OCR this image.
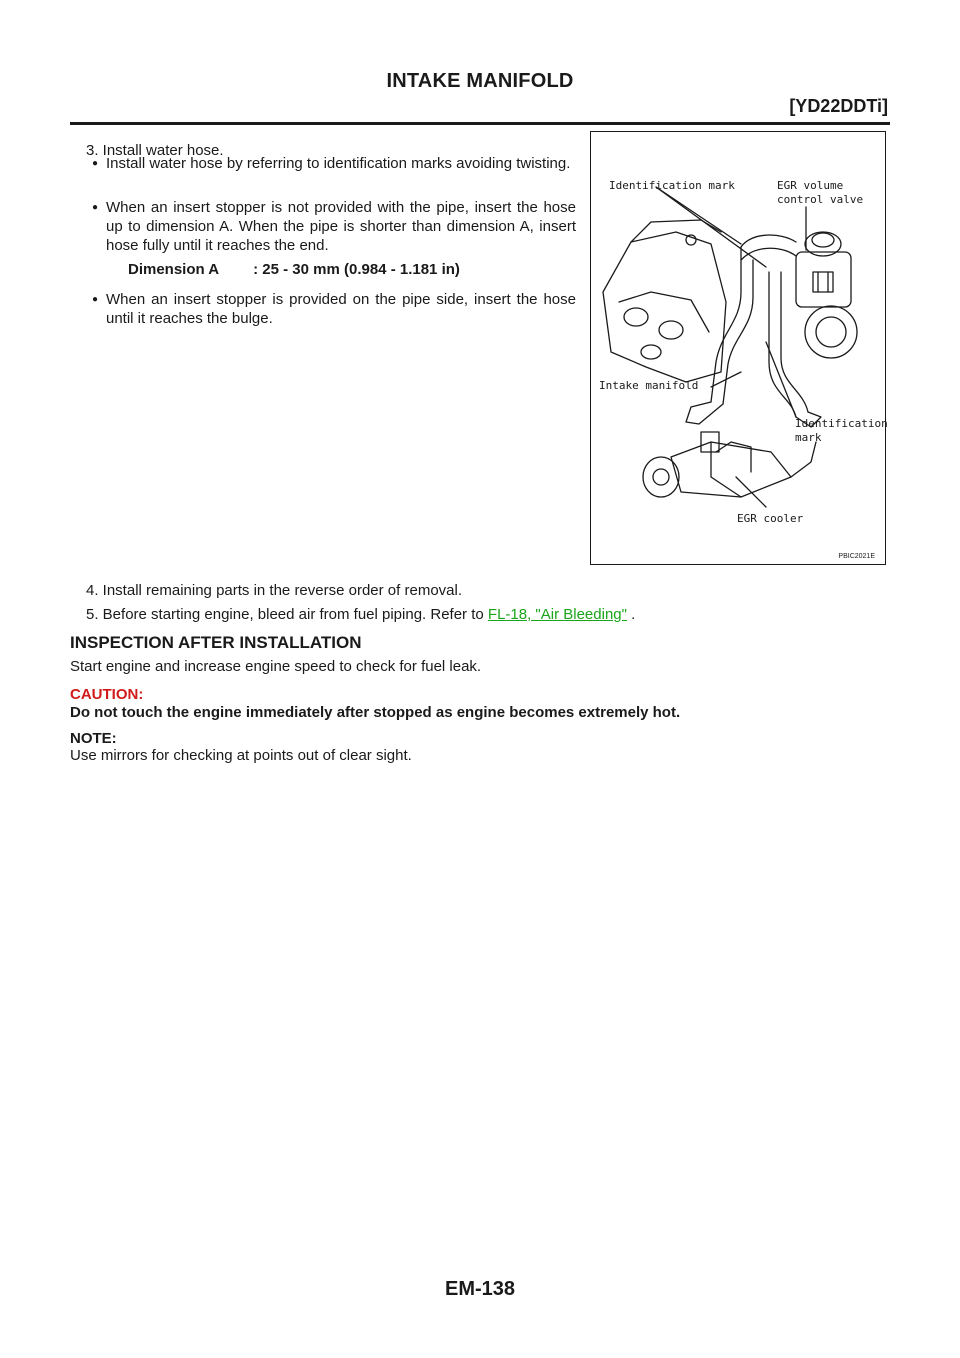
INTAKE MANIFOLD
[YD22DDTi]
3. Install water hose.
● Install water hose by referring to identification marks avoiding twisting.
● When an insert stopper is not provided with the pipe, insert the hose up to dimension A. When the pipe is shorter than dimension A, insert hose fully until it reaches the end.
Dimension A : 25 - 30 mm (0.984 - 1.181 in)
● When an insert stopper is provided on the pipe side, insert the hose until it reaches the bulge.
Identification mark	EGR volume
control valve
Intake manifold
Identification
mark
EGR cooler
PBIC2021E
4. Install remaining parts in the reverse order of removal.
5. Before starting engine, bleed air from fuel piping. Refer to FL-18, "Air Bleeding" .
INSPECTION AFTER INSTALLATION
Start engine and increase engine speed to check for fuel leak.
CAUTION:
Do not touch the engine immediately after stopped as engine becomes extremely hot.
NOTE:
Use mirrors for checking at points out of clear sight.
EM-138
